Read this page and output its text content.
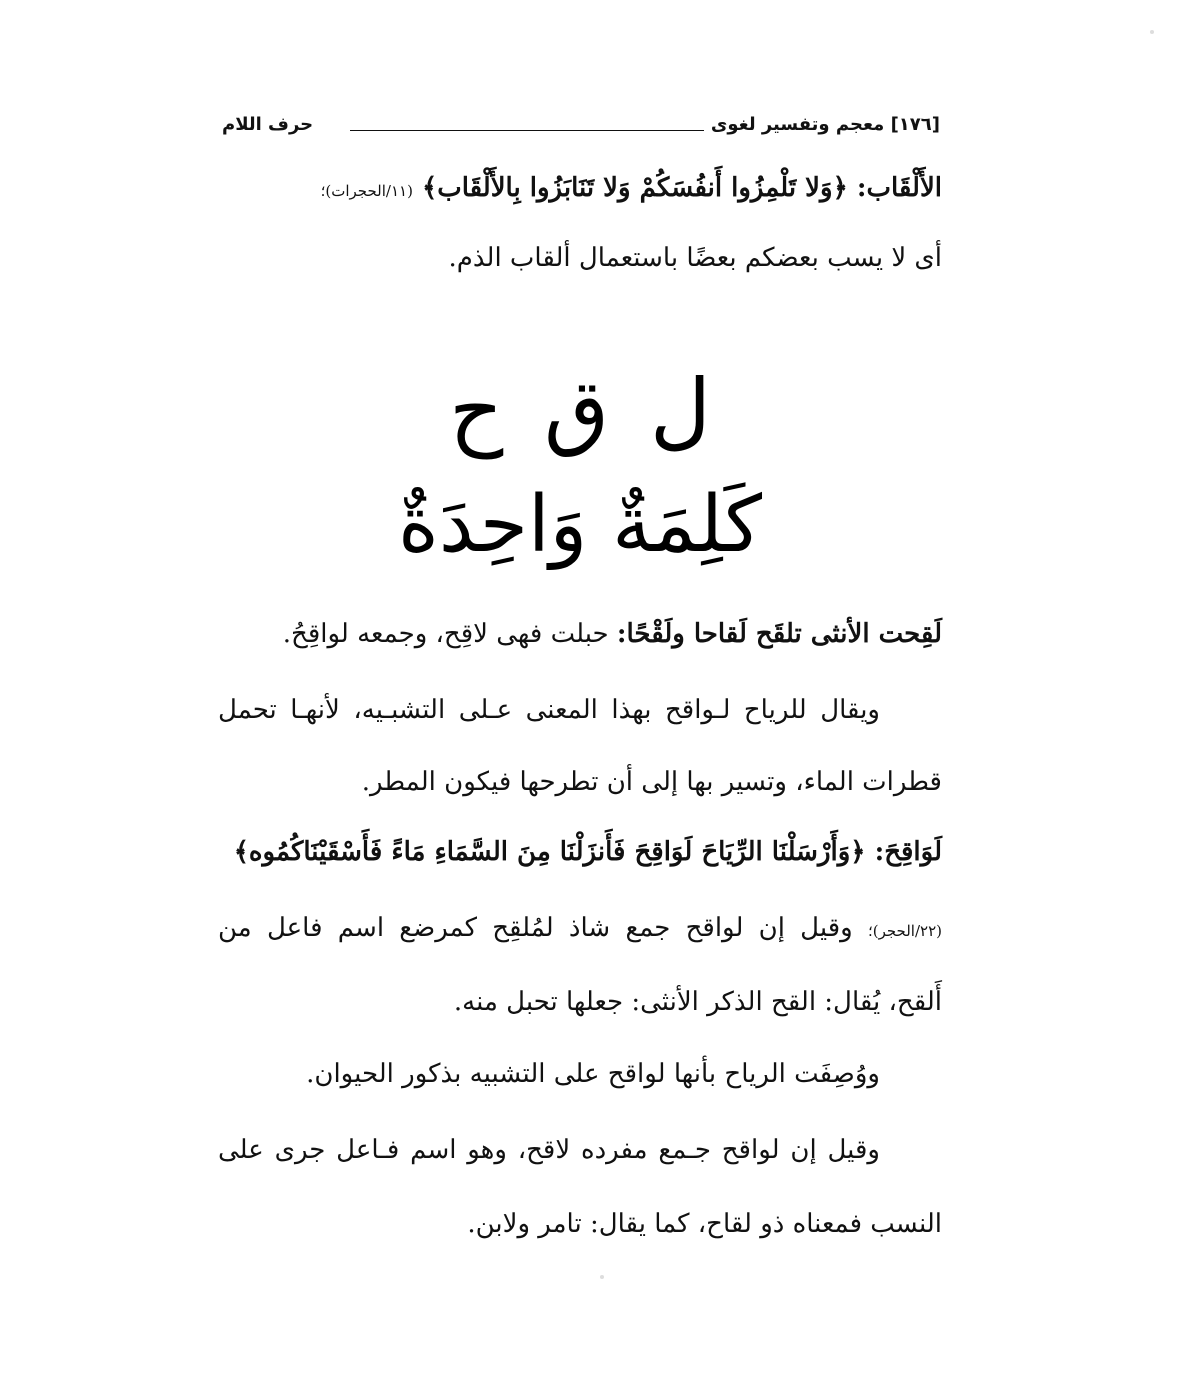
[١٧٦] معجم وتفسير لغوى
حرف اللام
الأَلْقَاب: ﴿وَلا تَلْمِزُوا أَنفُسَكُمْ وَلا تَنَابَزُوا بِالأَلْقَاب﴾ (١١/الحجرات)؛
أى لا يسب بعضكم بعضًا باستعمال ألقاب الذم.
ل ق ح
كَلِمَةٌ وَاحِدَةٌ
لَقِحت الأنثى تلقَح لَقاحا ولَقْحًا: حبلت فهى لاقِح، وجمعه لواقِحُ.
ويقال للرياح لـواقح بهذا المعنى عـلى التشبـيه، لأنهـا تحمل
قطرات الماء، وتسير بها إلى أن تطرحها فيكون المطر.
لَوَاقِحَ: ﴿وَأَرْسَلْنَا الرِّيَاحَ لَوَاقِحَ فَأَنزَلْنَا مِنَ السَّمَاءِ مَاءً فَأَسْقَيْنَاكُمُوه﴾
(٢٢/الحجر)؛ وقيل إن لواقح جمع شاذ لمُلقِح كمرضع اسم فاعل من
أَلقح، يُقال: القح الذكر الأنثى: جعلها تحبل منه.
ووُصِفَت الرياح بأنها لواقح على التشبيه بذكور الحيوان.
وقيل إن لواقح جـمع مفرده لاقح، وهو اسم فـاعل جرى على
النسب فمعناه ذو لقاح، كما يقال: تامر ولابن.
